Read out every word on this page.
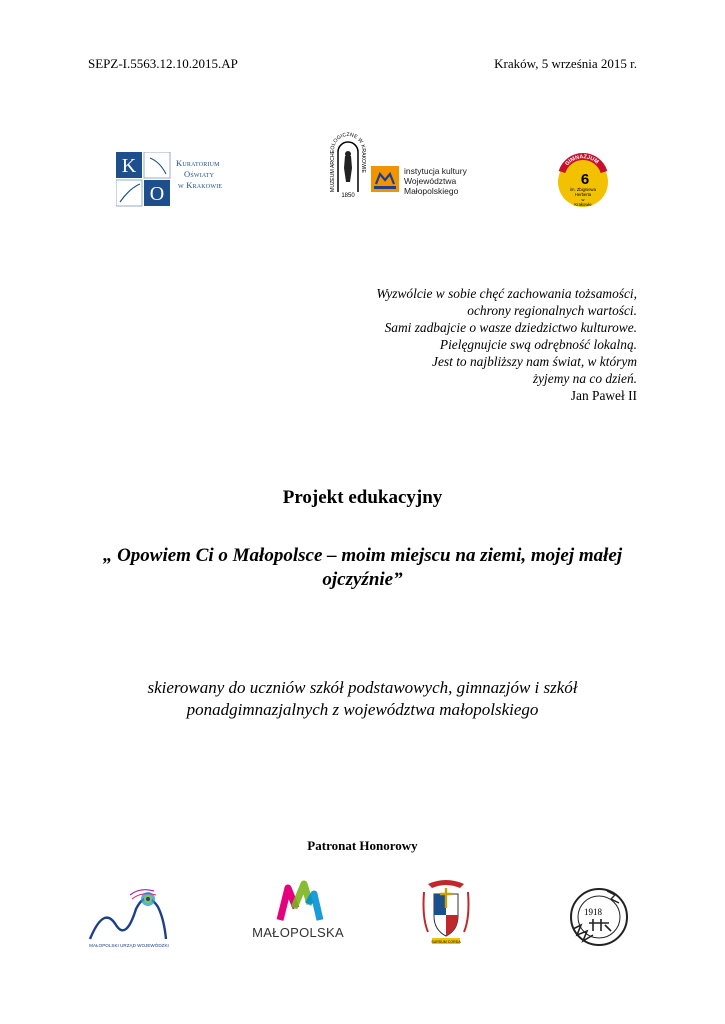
SEPZ-I.5563.12.10.2015.AP	Kraków, 5 września 2015 r.
K
O
Kuratorium
Oświaty
w Krakowie	MUZEUM ARCHEOLOGICZNE W KRAKOWIE
1850
instytucja kultury
Województwa
Małopolskiego
GIMNAZJUM
6
im. Zbigniewa
Herberta
w
Krakowie
Wyzwólcie w sobie chęć zachowania tożsamości,
ochrony regionalnych wartości.
Sami zadbajcie o wasze dziedzictwo kulturowe.
Pielęgnujcie swą odrębność lokalną.
Jest to najbliższy nam świat, w którym
żyjemy na co dzień.
Jan Paweł II
Projekt edukacyjny
„ Opowiem Ci o Małopolsce – moim miejscu na ziemi, mojej małej ojczyźnie”
skierowany do uczniów szkół podstawowych, gimnazjów i szkół ponadgimnazjalnych z województwa małopolskiego
Patronat Honorowy
MAŁOPOLSKI URZĄD WOJEWÓDZKI
MAŁOPOLSKA
SURSUM CORDA
1918
